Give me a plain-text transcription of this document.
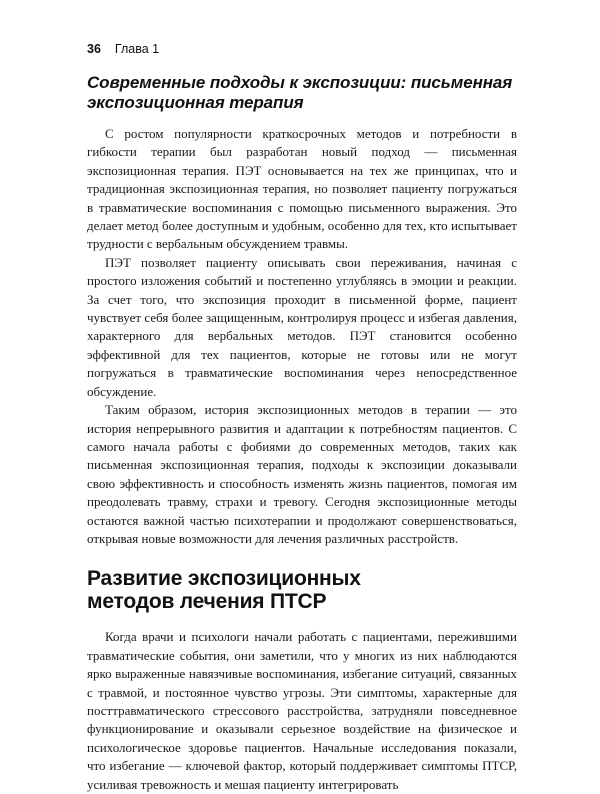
36 Глава 1
Современные подходы к экспозиции: письменная
экспозиционная терапия

С ростом популярности краткосрочных методов и потребности в гибкости терапии был разработан новый подход — письменная экспозиционная терапия. ПЭТ основывается на тех же принципах, что и традиционная экспозиционная терапия, но позволяет пациенту погружаться в травматические воспоминания с помощью письменного выражения. Это делает метод более доступным и удобным, особенно для тех, кто испытывает трудности с вербальным обсуждением травмы.

ПЭТ позволяет пациенту описывать свои переживания, начиная с простого изложения событий и постепенно углубляясь в эмоции и реакции. За счет того, что экспозиция проходит в письменной форме, пациент чувствует себя более защищенным, контролируя процесс и избегая давления, характерного для вербальных методов. ПЭТ становится особенно эффективной для тех пациентов, которые не готовы или не могут погружаться в травматические воспоминания через непосредственное обсуждение.

Таким образом, история экспозиционных методов в терапии — это история непрерывного развития и адаптации к потребностям пациентов. С самого начала работы с фобиями до современных методов, таких как письменная экспозиционная терапия, подходы к экспозиции доказывали свою эффективность и способность изменять жизнь пациентов, помогая им преодолевать травму, страхи и тревогу. Сегодня экспозиционные методы остаются важной частью психотерапии и продолжают совершенствоваться, открывая новые возможности для лечения различных расстройств.

Развитие экспозиционных
методов лечения ПТСР

Когда врачи и психологи начали работать с пациентами, пережившими травматические события, они заметили, что у многих из них наблюдаются ярко выраженные навязчивые воспоминания, избегание ситуаций, связанных с травмой, и постоянное чувство угрозы. Эти симптомы, характерные для посттравматического стрессового расстройства, затрудняли повседневное функционирование и оказывали серьезное воздействие на физическое и психологическое здоровье пациентов. Начальные исследования показали, что избегание — ключевой фактор, который поддерживает симптомы ПТСР, усиливая тревожность и мешая пациенту интегрировать
